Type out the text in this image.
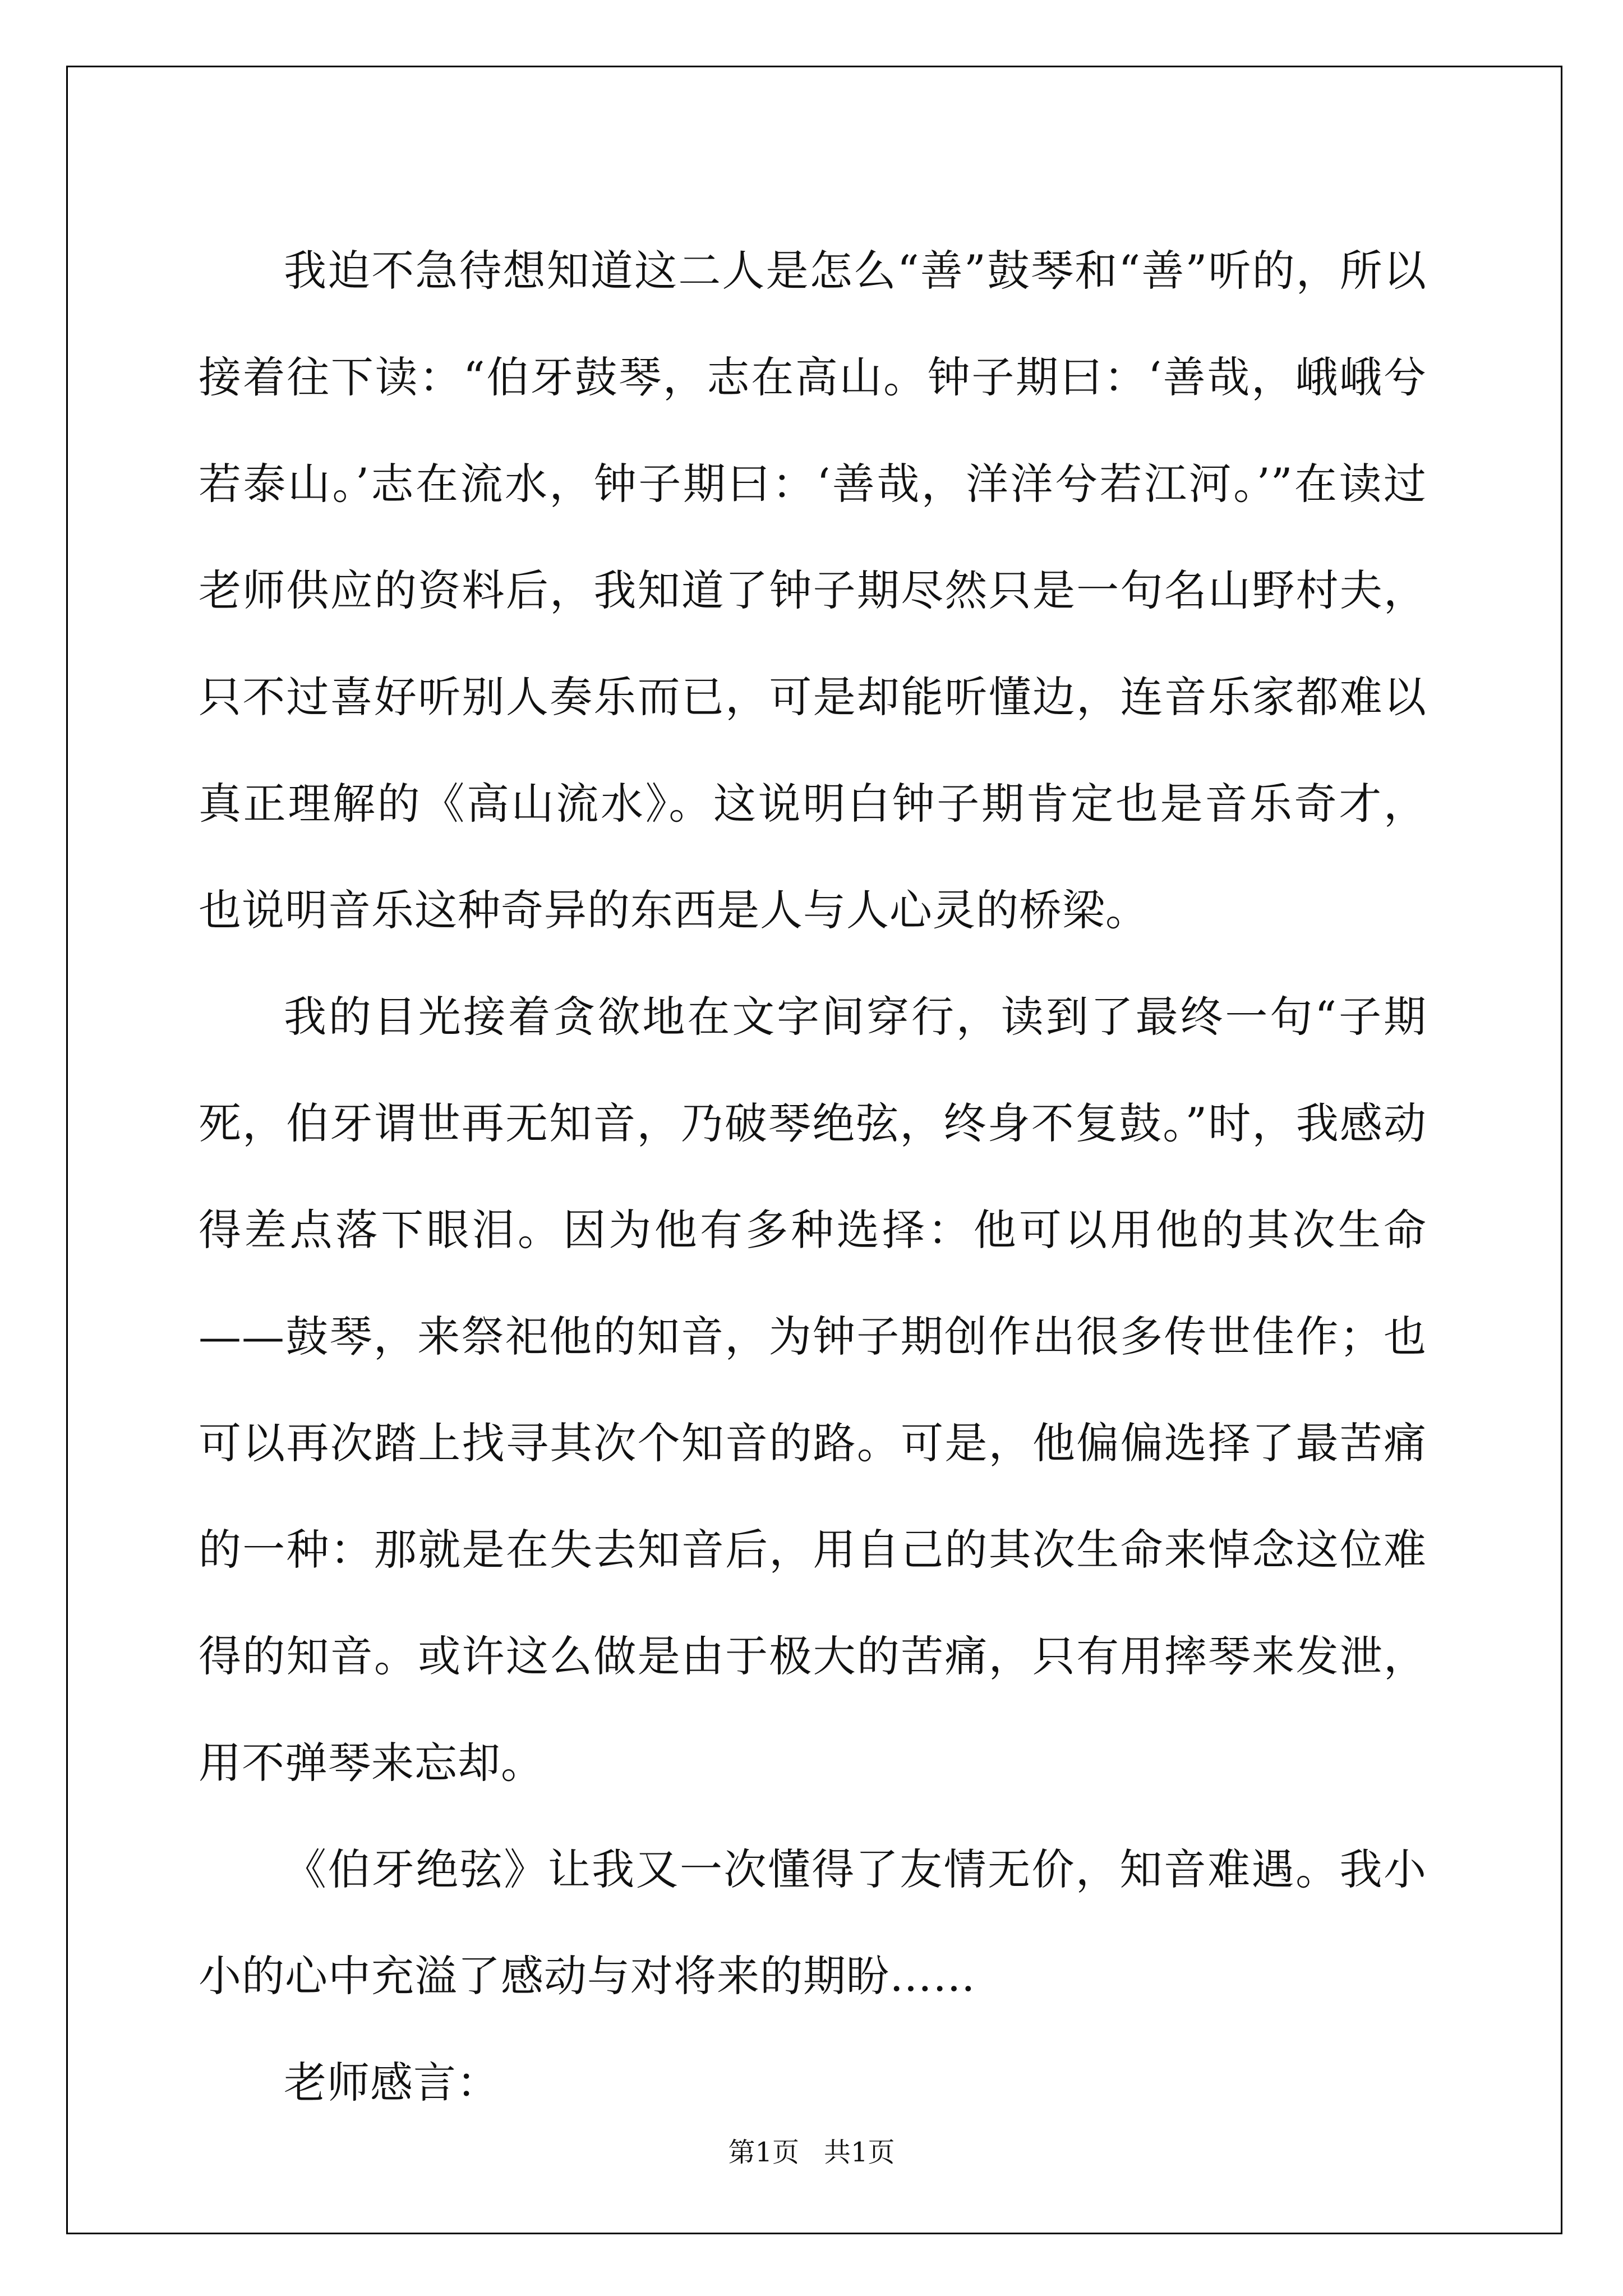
我迫不急待想知道这二人是怎么“善”鼓琴和“善”听的，所以接着往下读：“伯牙鼓琴，志在高山。钟子期曰：‘善哉，峨峨兮若泰山。’志在流水，钟子期曰：‘善哉，洋洋兮若江河。’”在读过老师供应的资料后，我知道了钟子期尽然只是一句名山野村夫，只不过喜好听别人奏乐而已，可是却能听懂边，连音乐家都难以真正理解的《高山流水》。这说明白钟子期肯定也是音乐奇才，也说明音乐这种奇异的东西是人与人心灵的桥梁。

我的目光接着贪欲地在文字间穿行，读到了最终一句“子期死，伯牙谓世再无知音，乃破琴绝弦，终身不复鼓。”时，我感动得差点落下眼泪。因为他有多种选择：他可以用他的其次生命——鼓琴，来祭祀他的知音，为钟子期创作出很多传世佳作；也可以再次踏上找寻其次个知音的路。可是，他偏偏选择了最苦痛的一种：那就是在失去知音后，用自己的其次生命来悼念这位难得的知音。或许这么做是由于极大的苦痛，只有用摔琴来发泄，用不弹琴来忘却。

《伯牙绝弦》让我又一次懂得了友情无价，知音难遇。我小小的心中充溢了感动与对将来的期盼……

老师感言：

第1页 共1页
